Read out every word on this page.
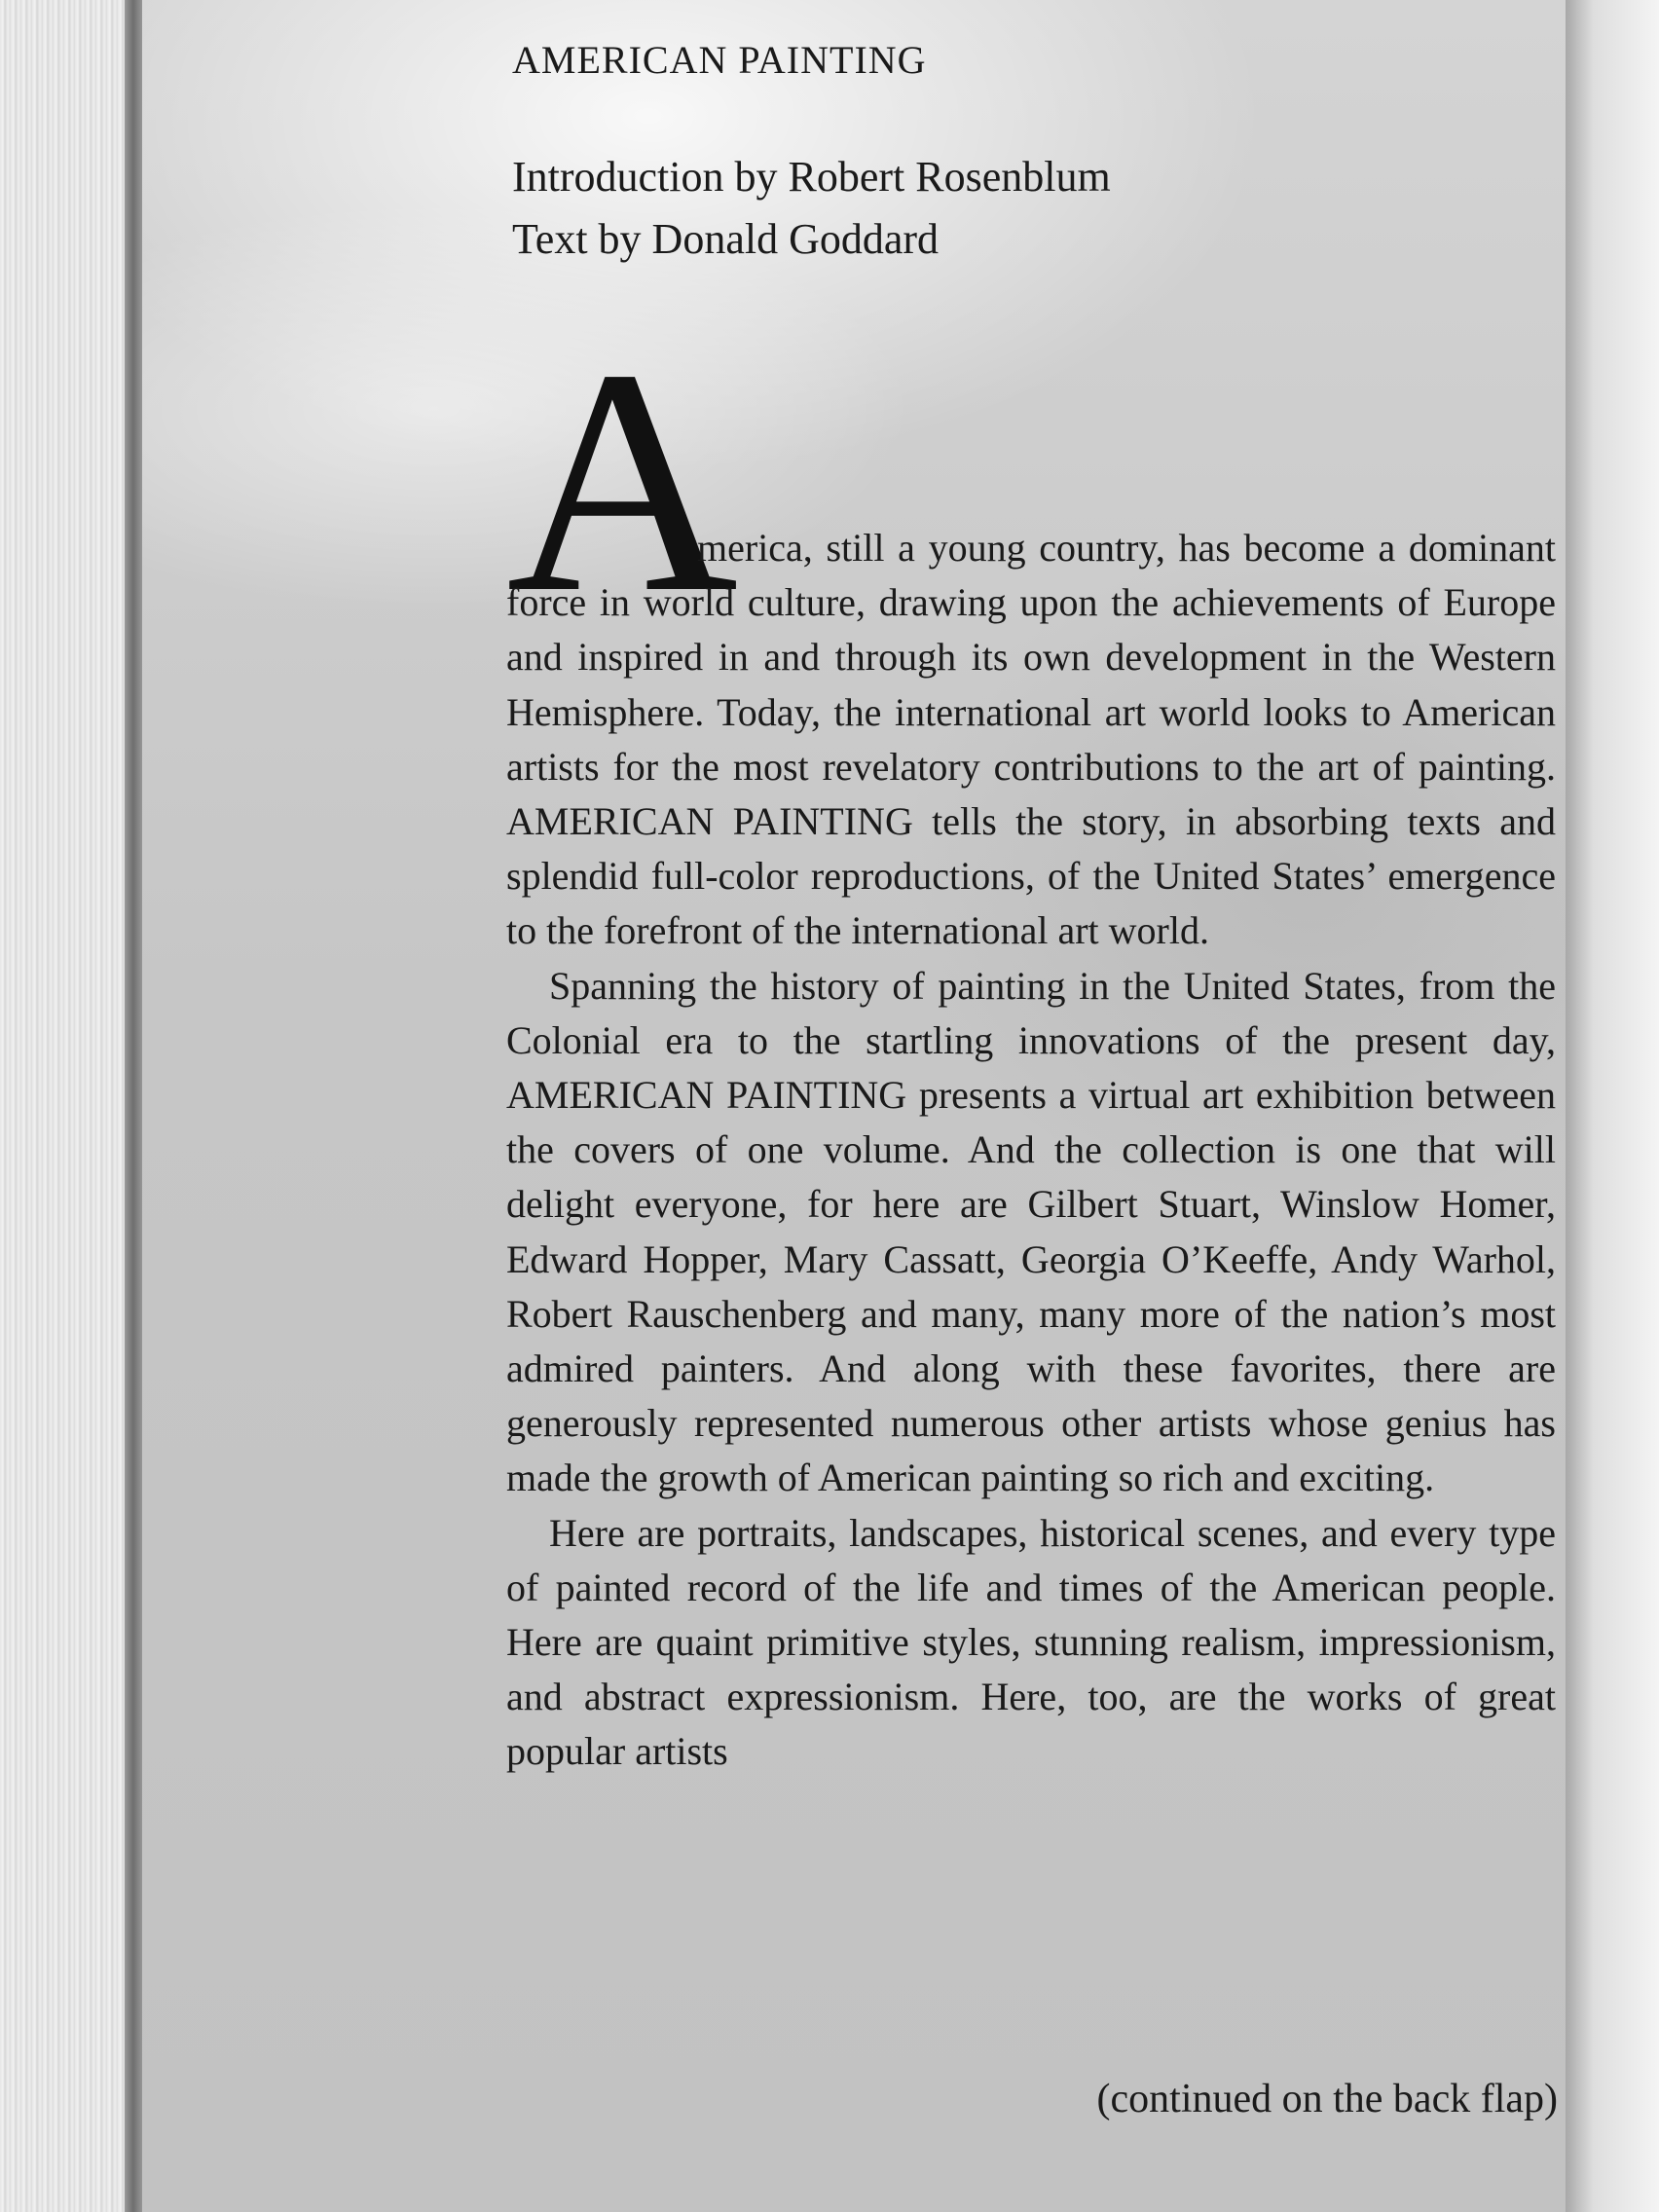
AMERICAN PAINTING
Introduction by Robert Rosenblum
Text by Donald Goddard
A

merica, still a young country, has become a dominant force in world culture, drawing upon the achievements of Europe and inspired in and through its own development in the Western Hemisphere. Today, the international art world looks to American artists for the most revelatory contributions to the art of painting. AMERICAN PAINTING tells the story, in absorbing texts and splendid full-color reproductions, of the United States’ emergence to the forefront of the international art world.

Spanning the history of painting in the United States, from the Colonial era to the startling innovations of the present day, AMERICAN PAINTING presents a virtual art exhibition between the covers of one volume. And the collection is one that will delight everyone, for here are Gilbert Stuart, Winslow Homer, Edward Hopper, Mary Cassatt, Georgia O’Keeffe, Andy Warhol, Robert Rauschenberg and many, many more of the nation’s most admired painters. And along with these favorites, there are generously represented numerous other artists whose genius has made the growth of American painting so rich and exciting.

Here are portraits, landscapes, historical scenes, and every type of painted record of the life and times of the American people. Here are quaint primitive styles, stunning realism, impressionism, and abstract expressionism. Here, too, are the works of great popular artists

(continued on the back flap)
